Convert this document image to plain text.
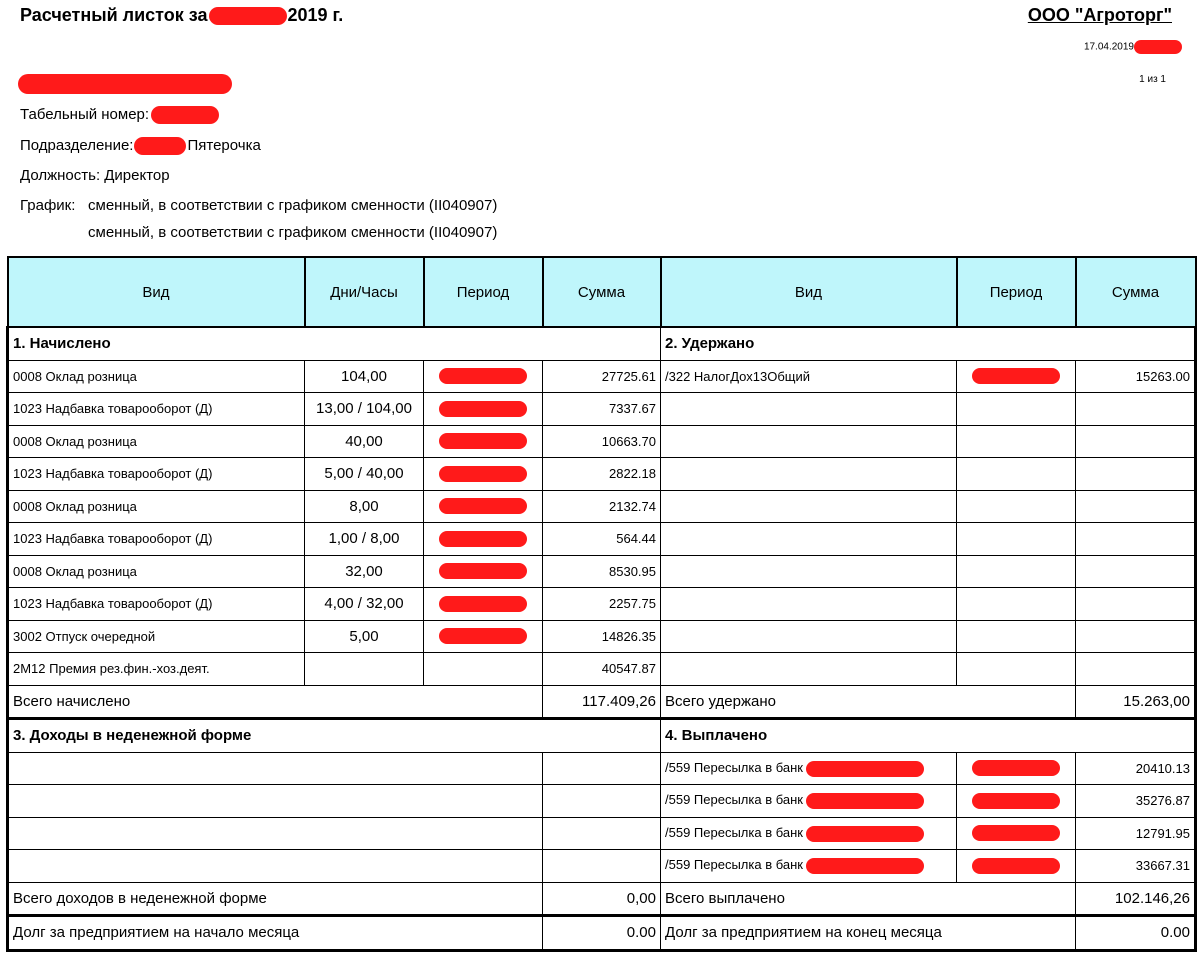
Расчетный листок за	2019 г.	ООО "Агроторг"
17.04.2019
1 из 1
Табельный номер:
Подразделение:	Пятерочка
Должность: Директор
График: сменный, в соответствии с графиком сменности (II040907)
сменный, в соответствии с графиком сменности (II040907)
Вид	Дни/Часы	Период	Сумма	Вид	Период	Сумма
1. Начислено				2. Удержано		
0008 Оклад розница	104,00		27725.61	/322 НалогДох13Общий		15263.00
1023 Надбавка товарооборот (Д)	13,00 / 104,00		7337.67			
0008 Оклад розница	40,00		10663.70			
1023 Надбавка товарооборот (Д)	5,00 / 40,00		2822.18			
0008 Оклад розница	8,00		2132.74			
1023 Надбавка товарооборот (Д)	1,00 / 8,00		564.44			
0008 Оклад розница	32,00		8530.95			
1023 Надбавка товарооборот (Д)	4,00 / 32,00		2257.75			
3002 Отпуск очередной	5,00		14826.35			
2M12 Премия рез.фин.-хоз.деят.			40547.87			
Всего начислено			117.409,26	Всего удержано		15.263,00
3. Доходы в неденежной форме				4. Выплачено		
				/559 Пересылка в банк		20410.13
				/559 Пересылка в банк		35276.87
				/559 Пересылка в банк		12791.95
				/559 Пересылка в банк		33667.31
Всего доходов в неденежной форме			0,00	Всего выплачено		102.146,26
Долг за предприятием на начало месяца			0.00	Долг за предприятием на конец месяца		0.00
